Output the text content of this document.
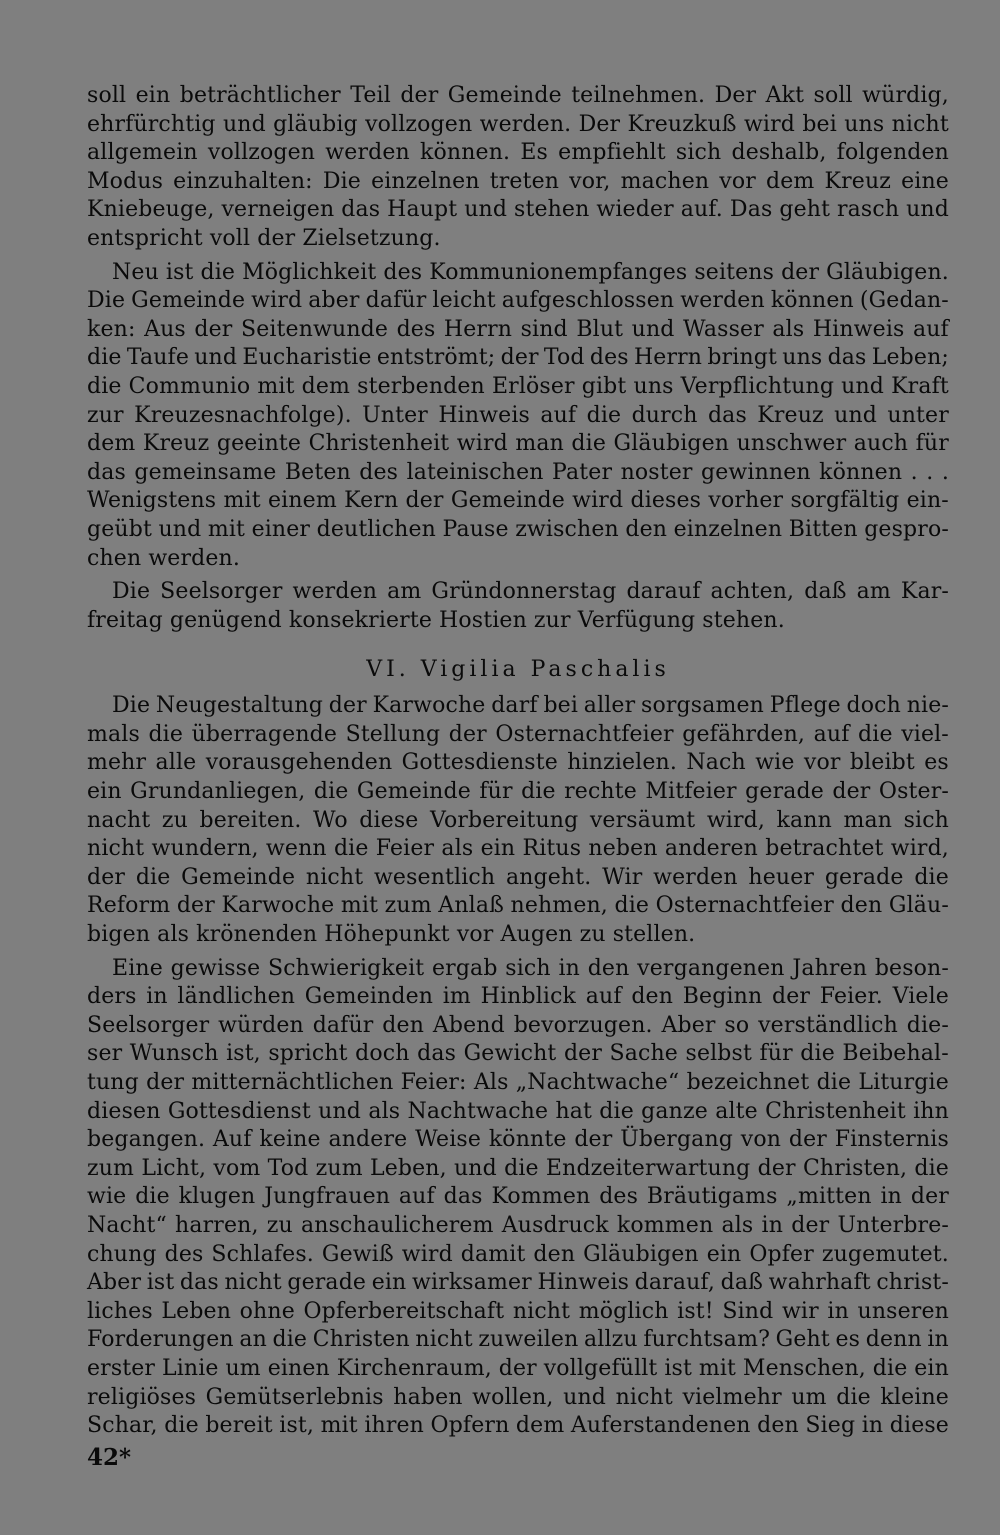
soll ein beträchtlicher Teil der Gemeinde teilnehmen. Der Akt soll würdig,
ehrfürchtig und gläubig vollzogen werden. Der Kreuzkuß wird bei uns nicht
allgemein vollzogen werden können. Es empfiehlt sich deshalb, folgenden
Modus einzuhalten: Die einzelnen treten vor, machen vor dem Kreuz eine
Kniebeuge, verneigen das Haupt und stehen wieder auf. Das geht rasch und
entspricht voll der Zielsetzung.
Neu ist die Möglichkeit des Kommunionempfanges seitens der Gläubigen.
Die Gemeinde wird aber dafür leicht aufgeschlossen werden können (Gedan-
ken: Aus der Seitenwunde des Herrn sind Blut und Wasser als Hinweis auf
die Taufe und Eucharistie entströmt; der Tod des Herrn bringt uns das Leben;
die Communio mit dem sterbenden Erlöser gibt uns Verpflichtung und Kraft
zur Kreuzesnachfolge). Unter Hinweis auf die durch das Kreuz und unter
dem Kreuz geeinte Christenheit wird man die Gläubigen unschwer auch für
das gemeinsame Beten des lateinischen Pater noster gewinnen können . . .
Wenigstens mit einem Kern der Gemeinde wird dieses vorher sorgfältig ein-
geübt und mit einer deutlichen Pause zwischen den einzelnen Bitten gespro-
chen werden.
Die Seelsorger werden am Gründonnerstag darauf achten, daß am Kar-
freitag genügend konsekrierte Hostien zur Verfügung stehen.
VI. Vigilia Paschalis
Die Neugestaltung der Karwoche darf bei aller sorgsamen Pflege doch nie-
mals die überragende Stellung der Osternachtfeier gefährden, auf die viel-
mehr alle vorausgehenden Gottesdienste hinzielen. Nach wie vor bleibt es
ein Grundanliegen, die Gemeinde für die rechte Mitfeier gerade der Oster-
nacht zu bereiten. Wo diese Vorbereitung versäumt wird, kann man sich
nicht wundern, wenn die Feier als ein Ritus neben anderen betrachtet wird,
der die Gemeinde nicht wesentlich angeht. Wir werden heuer gerade die
Reform der Karwoche mit zum Anlaß nehmen, die Osternachtfeier den Gläu-
bigen als krönenden Höhepunkt vor Augen zu stellen.
Eine gewisse Schwierigkeit ergab sich in den vergangenen Jahren beson-
ders in ländlichen Gemeinden im Hinblick auf den Beginn der Feier. Viele
Seelsorger würden dafür den Abend bevorzugen. Aber so verständlich die-
ser Wunsch ist, spricht doch das Gewicht der Sache selbst für die Beibehal-
tung der mitternächtlichen Feier: Als „Nachtwache“ bezeichnet die Liturgie
diesen Gottesdienst und als Nachtwache hat die ganze alte Christenheit ihn
begangen. Auf keine andere Weise könnte der Übergang von der Finsternis
zum Licht, vom Tod zum Leben, und die Endzeiterwartung der Christen, die
wie die klugen Jungfrauen auf das Kommen des Bräutigams „mitten in der
Nacht“ harren, zu anschaulicherem Ausdruck kommen als in der Unterbre-
chung des Schlafes. Gewiß wird damit den Gläubigen ein Opfer zugemutet.
Aber ist das nicht gerade ein wirksamer Hinweis darauf, daß wahrhaft christ-
liches Leben ohne Opferbereitschaft nicht möglich ist! Sind wir in unseren
Forderungen an die Christen nicht zuweilen allzu furchtsam? Geht es denn in
erster Linie um einen Kirchenraum, der vollgefüllt ist mit Menschen, die ein
religiöses Gemütserlebnis haben wollen, und nicht vielmehr um die kleine
Schar, die bereit ist, mit ihren Opfern dem Auferstandenen den Sieg in diese
42*
